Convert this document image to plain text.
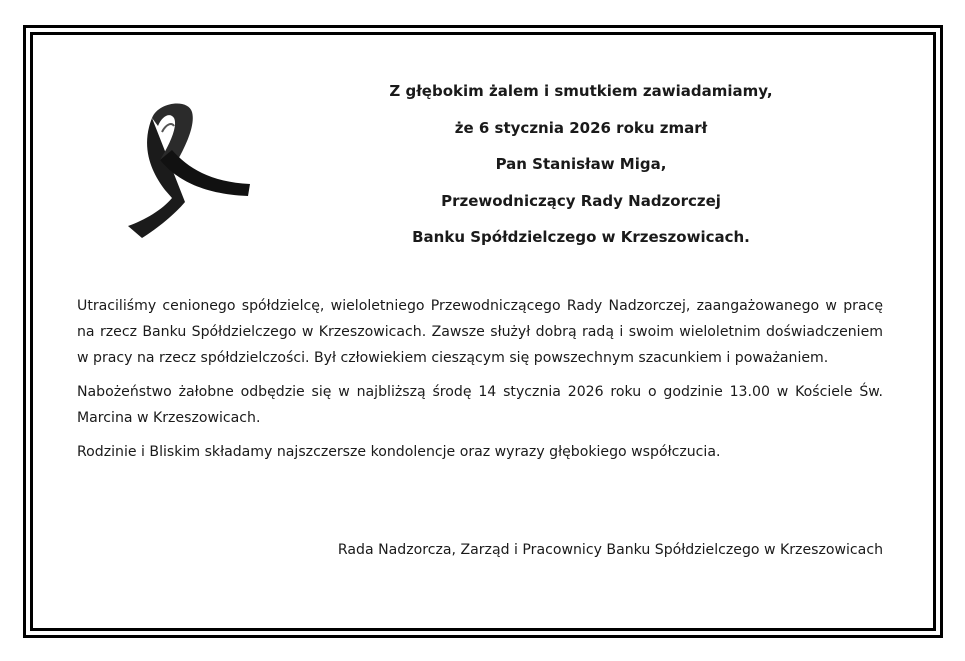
Z głębokim żalem i smutkiem zawiadamiamy,
że 6 stycznia 2026 roku zmarł
Pan Stanisław Miga,
Przewodniczący Rady Nadzorczej
Banku Spółdzielczego w Krzeszowicach.

Utraciliśmy cenionego spółdzielcę, wieloletniego Przewodniczącego Rady Nadzorczej, zaangażowanego w pracę na rzecz Banku Spółdzielczego w Krzeszowicach. Zawsze służył dobrą radą i swoim wieloletnim doświadczeniem w pracy na rzecz spółdzielczości. Był człowiekiem cieszącym się powszechnym szacunkiem i poważaniem.

Nabożeństwo żałobne odbędzie się w najbliższą środę 14 stycznia 2026 roku o godzinie 13.00 w Kościele Św. Marcina w Krzeszowicach.

Rodzinie i Bliskim składamy najszczersze kondolencje oraz wyrazy głębokiego współczucia.

Rada Nadzorcza, Zarząd i Pracownicy Banku Spółdzielczego w Krzeszowicach
